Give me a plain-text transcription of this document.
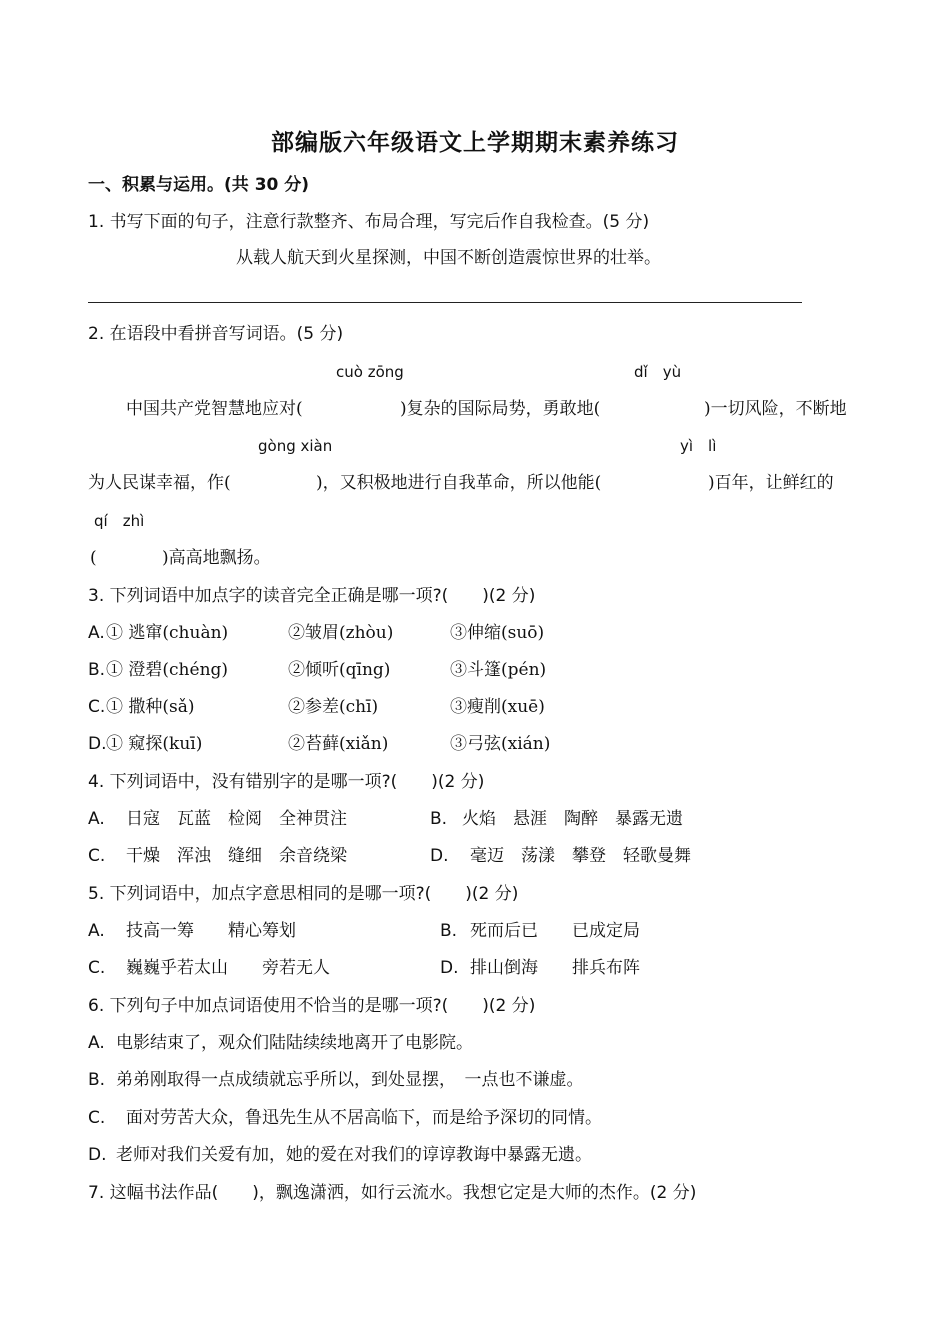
部编版六年级语文上学期期末素养练习
一、积累与运用。(共 30 分)
1. 书写下面的句子，注意行款整齐、布局合理，写完后作自我检查。(5 分)
从载人航天到火星探测，中国不断创造震惊世界的壮举。
2. 在语段中看拼音写词语。(5 分)
cuò zōng	dǐ　yù
中国共产党智慧地应对(	)复杂的国际局势，勇敢地(	)一切风险，不断地
gòng xiàn	yì　lì
为人民谋幸福，作(	)，又积极地进行自我革命，所以他能(	)百年，让鲜红的
qí　zhì
(	)高高地飘扬。
3. 下列词语中加点字的读音完全正确是哪一项?(　　)(2 分)
A. ① 逃窜(chuàn)	②皱眉(zhòu)	③伸缩(suō)
B. ① 澄碧(chéng)	②倾听(qīng)	③斗篷(pén)
C. ① 撒种(sǎ)	②参差(chī)	③瘦削(xuē)
D. ① 窥探(kuī)	②苔藓(xiǎn)	③弓弦(xián)
4. 下列词语中，没有错别字的是哪一项?(　　)(2 分)
A. 日寇　瓦蓝　检阅　全神贯注	B. 火焰　悬涯　陶醉　暴露无遗
C. 干燥　浑浊　缝细　余音绕梁	D. 毫迈　荡漾　攀登　轻歌曼舞
5. 下列词语中，加点字意思相同的是哪一项?(　　)(2 分)
A. 技高一筹　　精心筹划	B. 死而后已　　已成定局
C. 巍巍乎若太山　　旁若无人	D. 排山倒海　　排兵布阵
6. 下列句子中加点词语使用不恰当的是哪一项?(　　)(2 分)
A. 电影结束了，观众们陆陆续续地离开了电影院。
B. 弟弟刚取得一点成绩就忘乎所以，到处显摆，　一点也不谦虚。
C. 面对劳苦大众，鲁迅先生从不居高临下，而是给予深切的同情。
D. 老师对我们关爱有加，她的爱在对我们的谆谆教诲中暴露无遗。
7. 这幅书法作品(　　)，飘逸潇洒，如行云流水。我想它定是大师的杰作。(2 分)
